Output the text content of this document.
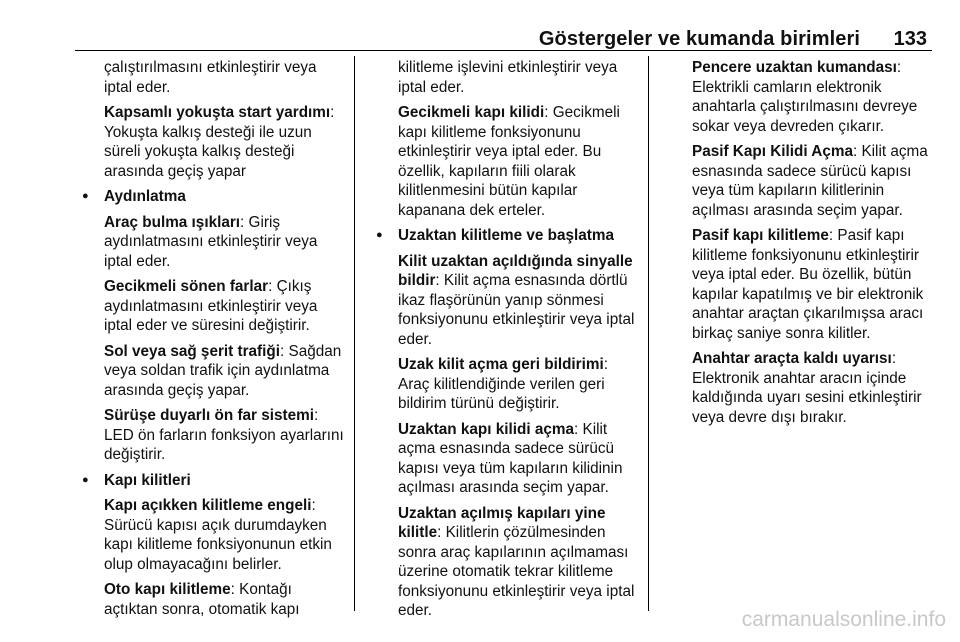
Göstergeler ve kumanda birimleri 133

çalıştırılmasını etkinleştirir veya iptal eder.

Kapsamlı yokuşta start yardımı: Yokuşta kalkış desteği ile uzun süreli yokuşta kalkış desteği arasında geçiş yapar

● Aydınlatma

Araç bulma ışıkları: Giriş aydınlatmasını etkinleştirir veya iptal eder.

Gecikmeli sönen farlar: Çıkış aydınlatmasını etkinleştirir veya iptal eder ve süresini değiştirir.

Sol veya sağ şerit trafiği: Sağdan veya soldan trafik için aydınlatma arasında geçiş yapar.

Sürüşe duyarlı ön far sistemi: LED ön farların fonksiyon ayarlarını değiştirir.

● Kapı kilitleri

Kapı açıkken kilitleme engeli: Sürücü kapısı açık durumdayken kapı kilitleme fonksiyonunun etkin olup olmayacağını belirler.

Oto kapı kilitleme: Kontağı açtıktan sonra, otomatik kapı

kilitleme işlevini etkinleştirir veya iptal eder.

Gecikmeli kapı kilidi: Gecikmeli kapı kilitleme fonksiyonunu etkinleştirir veya iptal eder. Bu özellik, kapıların fiili olarak kilitlenmesini bütün kapılar kapanana dek erteler.

● Uzaktan kilitleme ve başlatma

Kilit uzaktan açıldığında sinyalle bildir: Kilit açma esnasında dörtlü ikaz flaşörünün yanıp sönmesi fonksiyonunu etkinleştirir veya iptal eder.

Uzak kilit açma geri bildirimi: Araç kilitlendiğinde verilen geri bildirim türünü değiştirir.

Uzaktan kapı kilidi açma: Kilit açma esnasında sadece sürücü kapısı veya tüm kapıların kilidinin açılması arasında seçim yapar.

Uzaktan açılmış kapıları yine kilitle: Kilitlerin çözülmesinden sonra araç kapılarının açılmaması üzerine otomatik tekrar kilitleme fonksiyonunu etkinleştirir veya iptal eder.

Pencere uzaktan kumandası: Elektrikli camların elektronik anahtarla çalıştırılmasını devreye sokar veya devreden çıkarır.

Pasif Kapı Kilidi Açma: Kilit açma esnasında sadece sürücü kapısı veya tüm kapıların kilitlerinin açılması arasında seçim yapar.

Pasif kapı kilitleme: Pasif kapı kilitleme fonksiyonunu etkinleştirir veya iptal eder. Bu özellik, bütün kapılar kapatılmış ve bir elektronik anahtar araçtan çıkarılmışsa aracı birkaç saniye sonra kilitler.

Anahtar araçta kaldı uyarısı: Elektronik anahtar aracın içinde kaldığında uyarı sesini etkinleştirir veya devre dışı bırakır.

carmanualsonline.info
